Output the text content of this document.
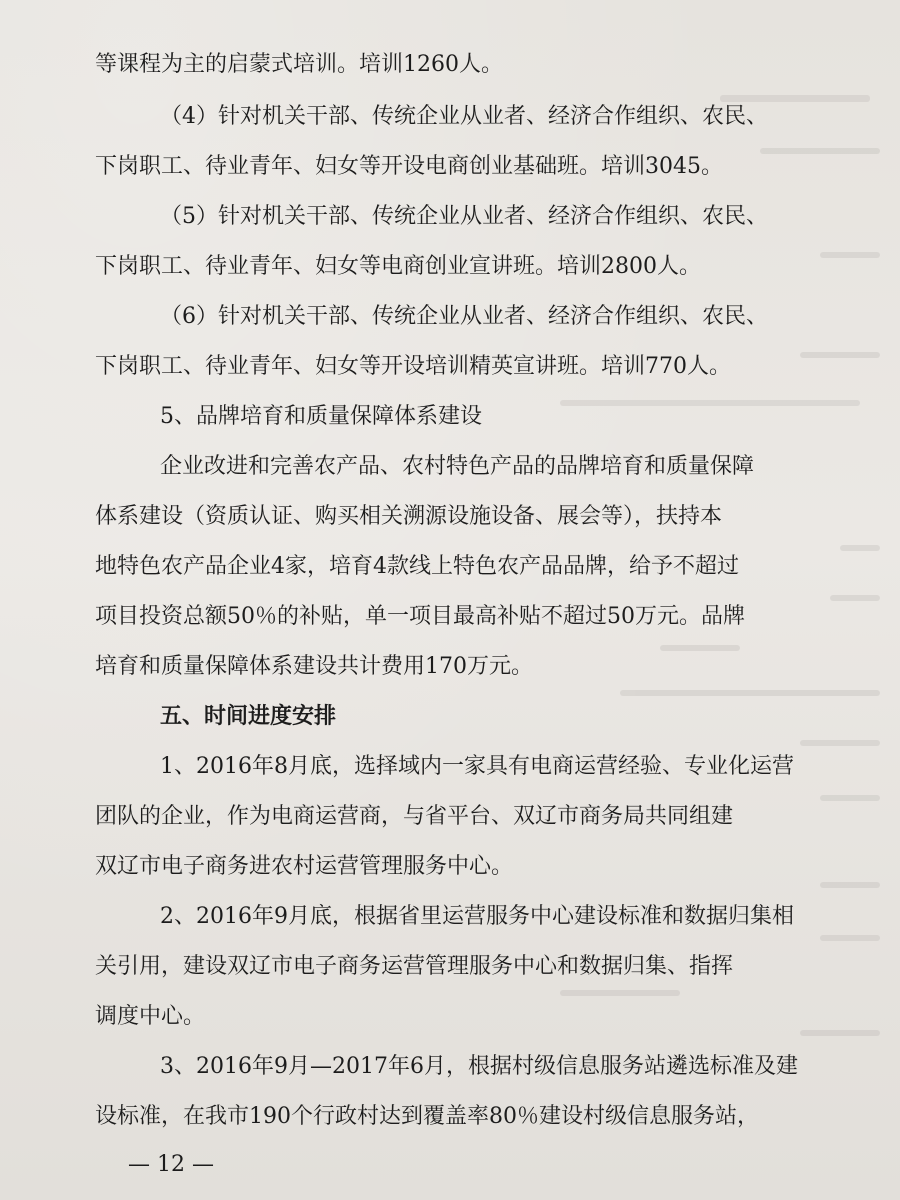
等课程为主的启蒙式培训。培训1260人。
（4）针对机关干部、传统企业从业者、经济合作组织、农民、
下岗职工、待业青年、妇女等开设电商创业基础班。培训3045。
（5）针对机关干部、传统企业从业者、经济合作组织、农民、
下岗职工、待业青年、妇女等电商创业宣讲班。培训2800人。
（6）针对机关干部、传统企业从业者、经济合作组织、农民、
下岗职工、待业青年、妇女等开设培训精英宣讲班。培训770人。
5、品牌培育和质量保障体系建设
企业改进和完善农产品、农村特色产品的品牌培育和质量保障
体系建设（资质认证、购买相关溯源设施设备、展会等），扶持本
地特色农产品企业4家，培育4款线上特色农产品品牌，给予不超过
项目投资总额50％的补贴，单一项目最高补贴不超过50万元。品牌
培育和质量保障体系建设共计费用170万元。
五、时间进度安排
1、2016年8月底，选择域内一家具有电商运营经验、专业化运营
团队的企业，作为电商运营商，与省平台、双辽市商务局共同组建
双辽市电子商务进农村运营管理服务中心。
2、2016年9月底，根据省里运营服务中心建设标准和数据归集相
关引用，建设双辽市电子商务运营管理服务中心和数据归集、指挥
调度中心。
3、2016年9月—2017年6月，根据村级信息服务站遴选标准及建
设标准，在我市190个行政村达到覆盖率80％建设村级信息服务站，
— 12 —
